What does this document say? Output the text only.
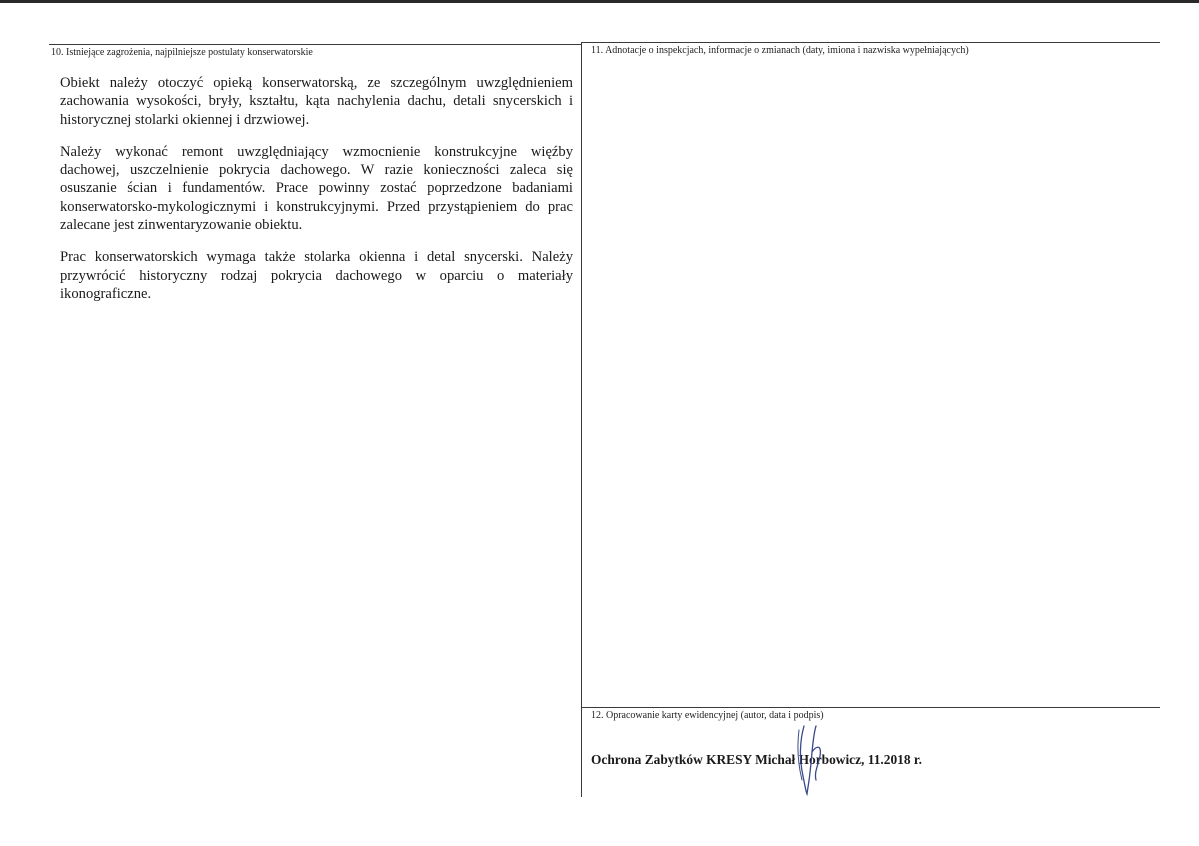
10. Istniejące zagrożenia, najpilniejsze postulaty konserwatorskie

Obiekt należy otoczyć opieką konserwatorską, ze szczególnym uwzględnieniem zachowania wysokości, bryły, kształtu, kąta nachylenia dachu, detali snycerskich i historycznej stolarki okiennej i drzwiowej.

Należy wykonać remont uwzględniający wzmocnienie konstrukcyjne więźby dachowej, uszczelnienie pokrycia dachowego. W razie konieczności zaleca się osuszanie ścian i fundamentów. Prace powinny zostać poprzedzone badaniami konserwatorsko-mykologicznymi i konstrukcyjnymi. Przed przystąpieniem do prac zalecane jest zinwentaryzowanie obiektu.

Prac konserwatorskich wymaga także stolarka okienna i detal snycerski. Należy przywrócić historyczny rodzaj pokrycia dachowego w oparciu o materiały ikonograficzne.

11. Adnotacje o inspekcjach, informacje o zmianach (daty, imiona i nazwiska wypełniających)
12. Opracowanie karty ewidencyjnej (autor, data i podpis)
Ochrona Zabytków KRESY Michał Horbowicz, 11.2018 r.
